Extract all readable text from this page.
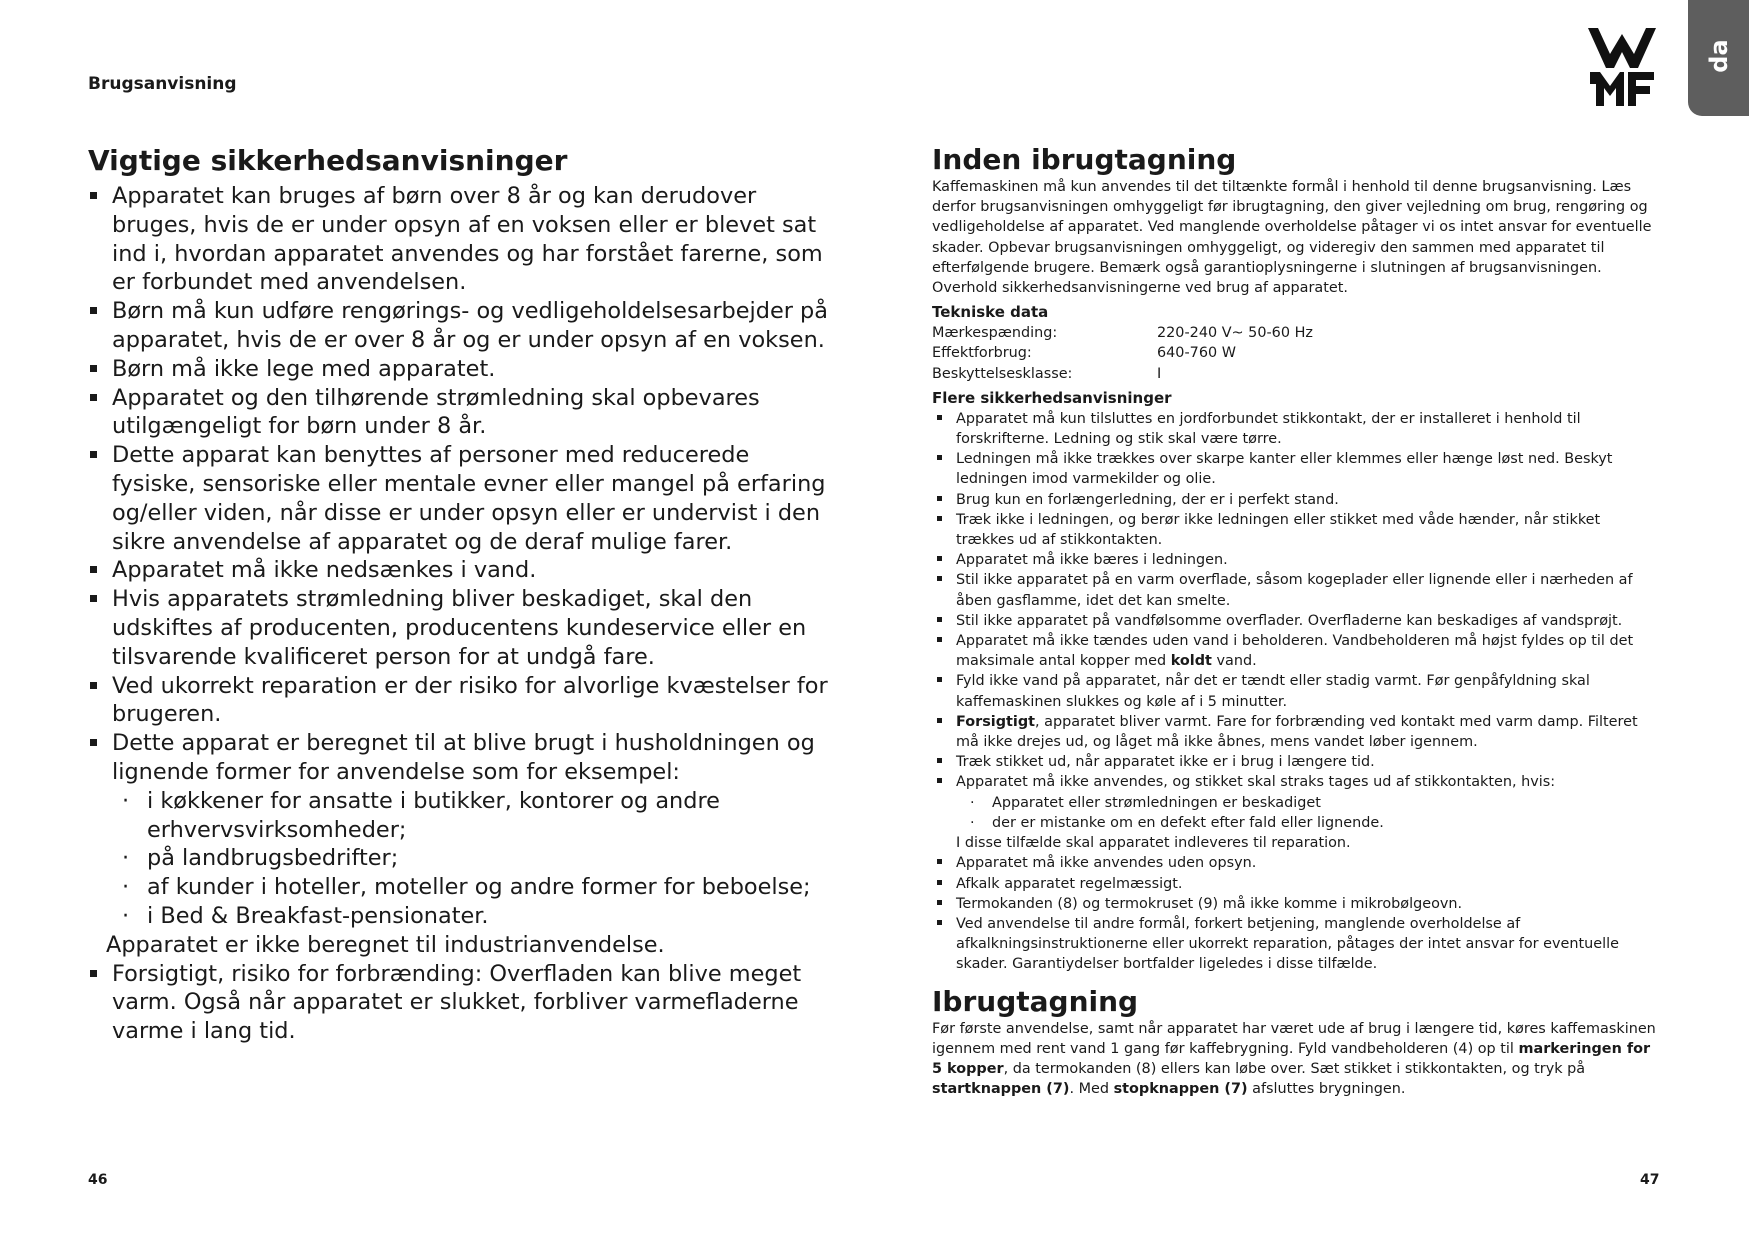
Brugsanvisning
da
Vigtige sikkerhedsanvisninger
Apparatet kan bruges af børn over 8 år og kan derudover bruges, hvis de er under opsyn af en voksen eller er blevet sat ind i, hvordan apparatet anvendes og har forstået farerne, som er forbundet med anvendelsen.
Børn må kun udføre rengørings- og vedligeholdelsesarbejder på apparatet, hvis de er over 8 år og er under opsyn af en voksen.
Børn må ikke lege med apparatet.
Apparatet og den tilhørende strømledning skal opbevares utilgængeligt for børn under 8 år.
Dette apparat kan benyttes af personer med reducerede fysiske, sensoriske eller mentale evner eller mangel på erfaring og/eller viden, når disse er under opsyn eller er undervist i den sikre anvendelse af apparatet og de deraf mulige farer.
Apparatet må ikke nedsænkes i vand.
Hvis apparatets strømledning bliver beskadiget, skal den udskiftes af producenten, producentens kundeservice eller en tilsvarende kvalificeret person for at undgå fare.
Ved ukorrekt reparation er der risiko for alvorlige kvæstelser for brugeren.
Dette apparat er beregnet til at blive brugt i husholdningen og lignende former for anvendelse som for eksempel:
· i køkkener for ansatte i butikker, kontorer og andre erhvervsvirksomheder;
· på landbrugsbedrifter;
· af kunder i hoteller, moteller og andre former for beboelse;
· i Bed & Breakfast-pensionater.
Apparatet er ikke beregnet til industrianvendelse.
Forsigtigt, risiko for forbrænding: Overfladen kan blive meget varm. Også når apparatet er slukket, forbliver varmefladerne varme i lang tid.
Inden ibrugtagning

Kaffemaskinen må kun anvendes til det tiltænkte formål i henhold til denne brugsanvisning. Læs derfor brugsanvisningen omhyggeligt før ibrugtagning, den giver vejledning om brug, rengøring og vedligeholdelse af apparatet. Ved manglende overholdelse påtager vi os intet ansvar for eventuelle skader. Opbevar brugsanvisningen omhyggeligt, og videregiv den sammen med apparatet til efterfølgende brugere. Bemærk også garantioplysningerne i slutningen af brugsanvisningen.

Overhold sikkerhedsanvisningerne ved brug af apparatet.

Tekniske data
Mærkespænding:	220-240 V~ 50-60 Hz
Effektforbrug:	640-760 W
Beskyttelsesklasse:	I
Flere sikkerhedsanvisninger
Apparatet må kun tilsluttes en jordforbundet stikkontakt, der er installeret i henhold til forskrifterne. Ledning og stik skal være tørre.
Ledningen må ikke trækkes over skarpe kanter eller klemmes eller hænge løst ned. Beskyt ledningen imod varmekilder og olie.
Brug kun en forlængerledning, der er i perfekt stand.
Træk ikke i ledningen, og berør ikke ledningen eller stikket med våde hænder, når stikket trækkes ud af stikkontakten.
Apparatet må ikke bæres i ledningen.
Stil ikke apparatet på en varm overflade, såsom kogeplader eller lignende eller i nærheden af åben gasflamme, idet det kan smelte.
Stil ikke apparatet på vandfølsomme overflader. Overfladerne kan beskadiges af vandsprøjt.
Apparatet må ikke tændes uden vand i beholderen. Vandbeholderen må højst fyldes op til det maksimale antal kopper med koldt vand.
Fyld ikke vand på apparatet, når det er tændt eller stadig varmt. Før genpåfyldning skal kaffemaskinen slukkes og køle af i 5 minutter.
Forsigtigt, apparatet bliver varmt. Fare for forbrænding ved kontakt med varm damp. Filteret må ikke drejes ud, og låget må ikke åbnes, mens vandet løber igennem.
Træk stikket ud, når apparatet ikke er i brug i længere tid.
Apparatet må ikke anvendes, og stikket skal straks tages ud af stikkontakten, hvis:
· Apparatet eller strømledningen er beskadiget
· der er mistanke om en defekt efter fald eller lignende.
I disse tilfælde skal apparatet indleveres til reparation.
Apparatet må ikke anvendes uden opsyn.
Afkalk apparatet regelmæssigt.
Termokanden (8) og termokruset (9) må ikke komme i mikrobølgeovn.
Ved anvendelse til andre formål, forkert betjening, manglende overholdelse af afkalkningsinstruktionerne eller ukorrekt reparation, påtages der intet ansvar for eventuelle skader. Garantiydelser bortfalder ligeledes i disse tilfælde.
Ibrugtagning

Før første anvendelse, samt når apparatet har været ude af brug i længere tid, køres kaffemaskinen igennem med rent vand 1 gang før kaffebrygning. Fyld vandbeholderen (4) op til markeringen for 5 kopper, da termokanden (8) ellers kan løbe over. Sæt stikket i stikkontakten, og tryk på startknappen (7). Med stopknappen (7) afsluttes brygningen.

46	47
